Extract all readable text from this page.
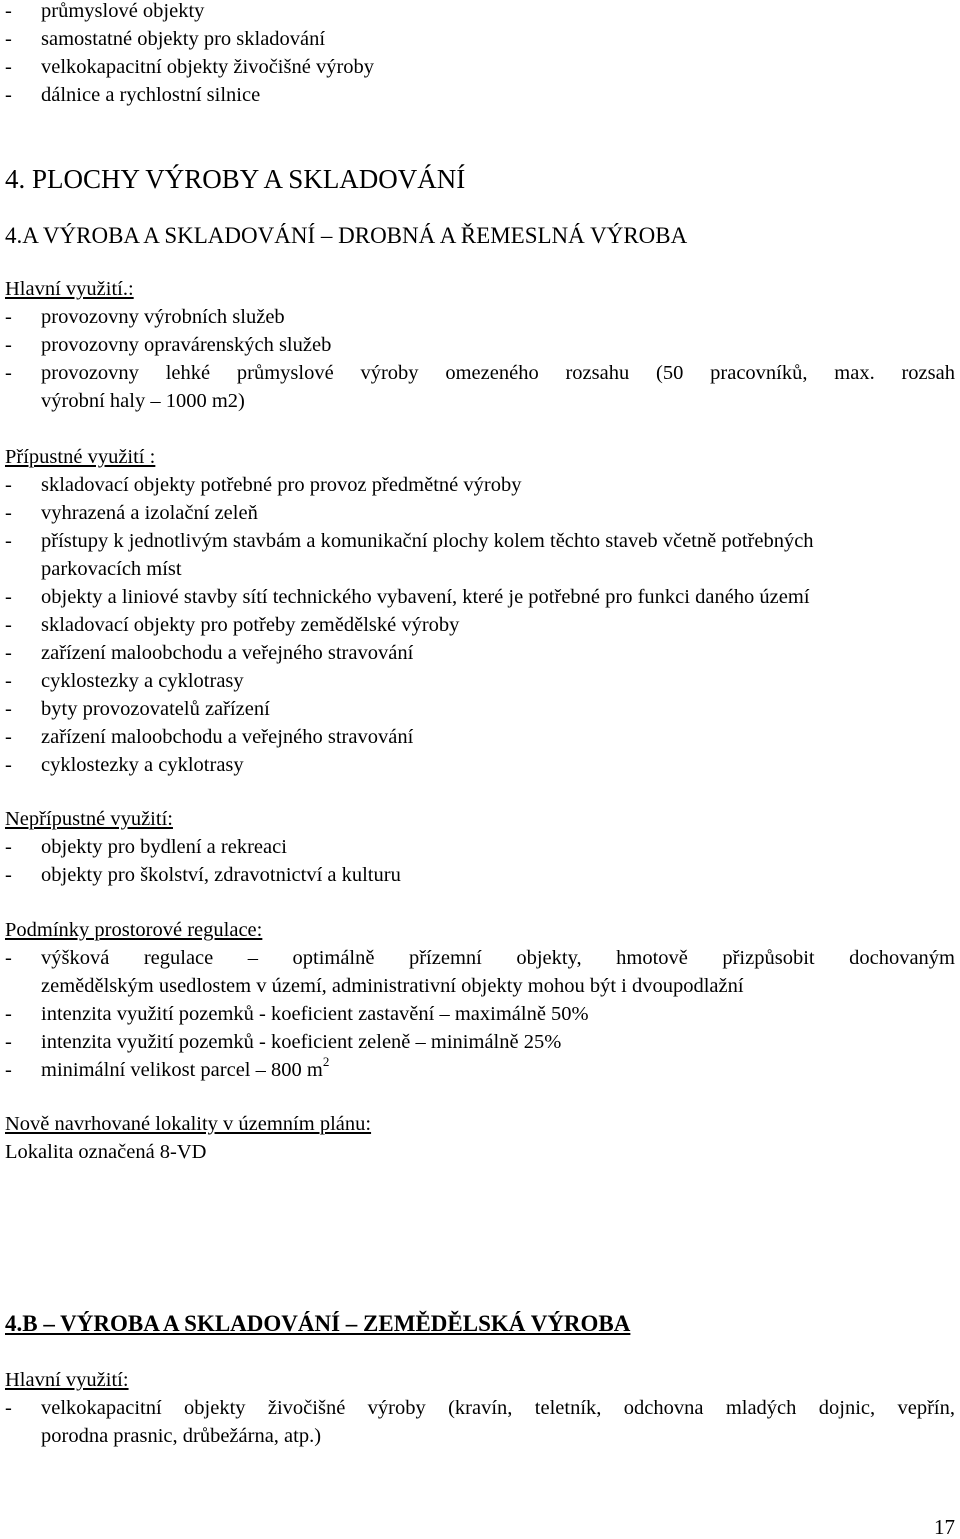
- průmyslové objekty
- samostatné objekty pro skladování
- velkokapacitní objekty živočišné výroby
- dálnice a rychlostní silnice
4. PLOCHY VÝROBY A SKLADOVÁNÍ
4.A VÝROBA A SKLADOVÁNÍ – DROBNÁ A ŘEMESLNÁ VÝROBA
Hlavní využití.:
- provozovny výrobních služeb
- provozovny opravárenských služeb
- provozovny lehké průmyslové výroby omezeného rozsahu (50 pracovníků, max. rozsah
výrobní haly – 1000 m2)
Přípustné využití :
- skladovací objekty potřebné pro provoz předmětné výroby
- vyhrazená a izolační zeleň
- přístupy k jednotlivým stavbám a komunikační plochy kolem těchto staveb včetně potřebných
parkovacích míst
- objekty a liniové stavby sítí technického vybavení, které je potřebné pro funkci daného území
- skladovací objekty pro potřeby zemědělské výroby
- zařízení maloobchodu a veřejného stravování
- cyklostezky a cyklotrasy
- byty provozovatelů zařízení
- zařízení maloobchodu a veřejného stravování
- cyklostezky a cyklotrasy
Nepřípustné využití:
- objekty pro bydlení a rekreaci
- objekty pro školství, zdravotnictví a kulturu
Podmínky prostorové regulace:
- výšková regulace – optimálně přízemní objekty, hmotově přizpůsobit dochovaným
zemědělským usedlostem v území, administrativní objekty mohou být i dvoupodlažní
- intenzita využití pozemků - koeficient zastavění – maximálně 50%
- intenzita využití pozemků - koeficient zeleně – minimálně 25%
- minimální velikost parcel – 800 $m^2$
Nově navrhované lokality v územním plánu:
Lokalita označená 8-VD
4.B – VÝROBA A SKLADOVÁNÍ – ZEMĚDĚLSKÁ VÝROBA
Hlavní využití:
- velkokapacitní objekty živočišné výroby (kravín, teletník, odchovna mladých dojnic, vepřín,
porodna prasnic, drůbežárna, atp.)
17
